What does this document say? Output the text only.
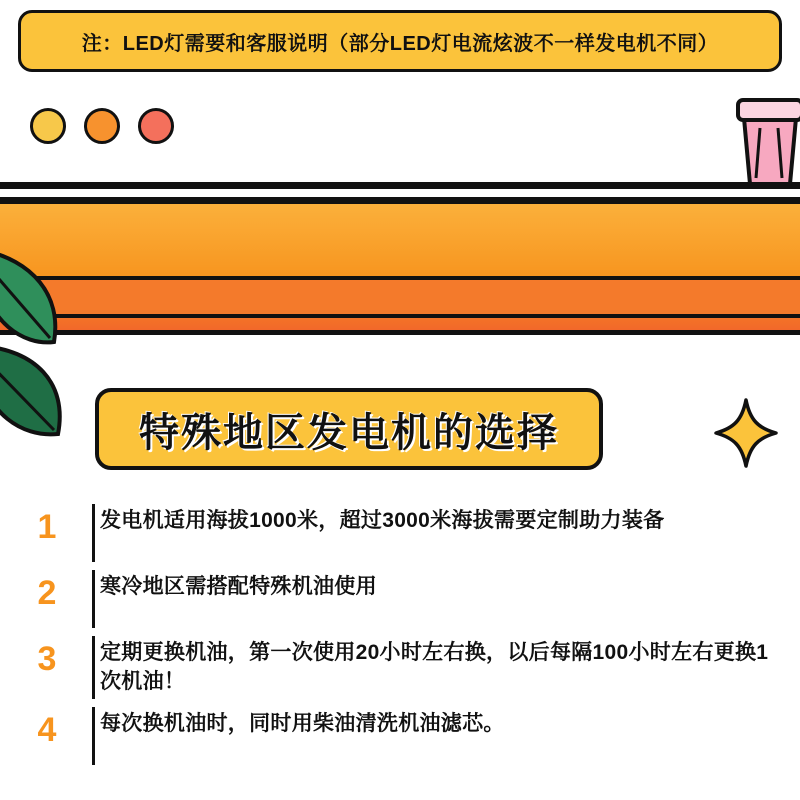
注：LED灯需要和客服说明（部分LED灯电流炫波不一样发电机不同）
特殊地区发电机的选择
1	发电机适用海拔1000米，超过3000米海拔需要定制助力装备
2	寒冷地区需搭配特殊机油使用
3	定期更换机油，第一次使用20小时左右换，以后每隔100小时左右更换1次机油！
4	每次换机油时，同时用柴油清洗机油滤芯。
